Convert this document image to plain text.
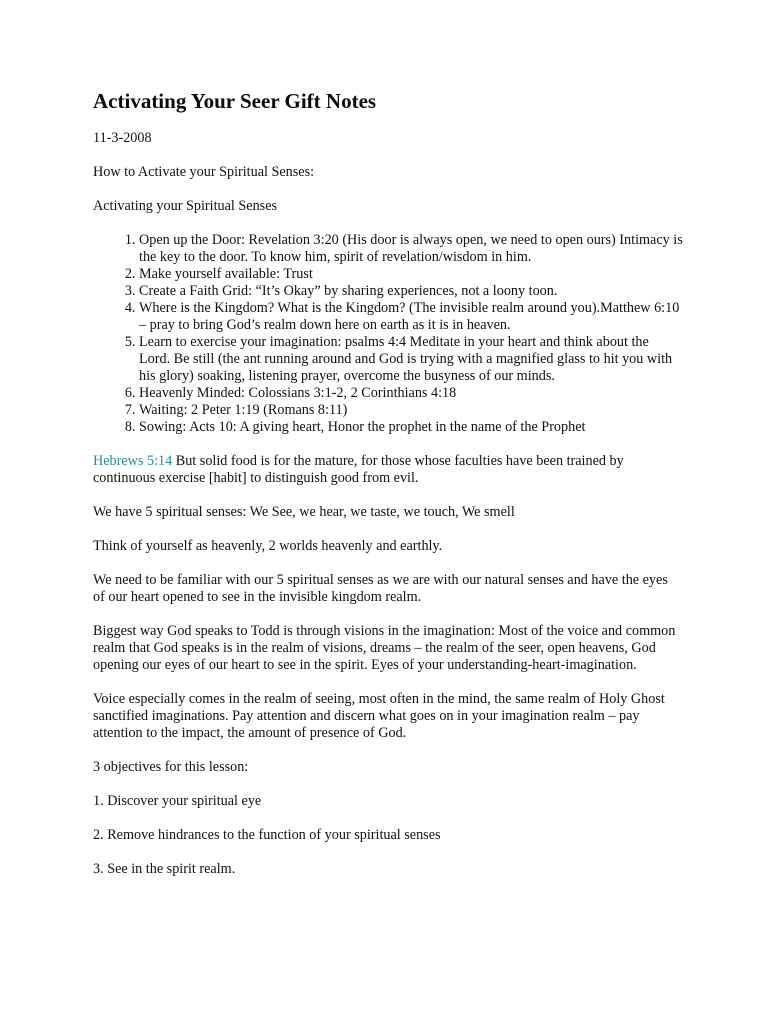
Activating Your Seer Gift Notes

11-3-2008

How to Activate your Spiritual Senses:

Activating your Spiritual Senses

1. Open up the Door: Revelation 3:20 (His door is always open, we need to open ours) Intimacy is the key to the door. To know him, spirit of revelation/wisdom in him.
2. Make yourself available: Trust
3. Create a Faith Grid: “It’s Okay” by sharing experiences, not a loony toon.
4. Where is the Kingdom? What is the Kingdom? (The invisible realm around you).Matthew 6:10 – pray to bring God’s realm down here on earth as it is in heaven.
5. Learn to exercise your imagination: psalms 4:4 Meditate in your heart and think about the Lord. Be still (the ant running around and God is trying with a magnified glass to hit you with his glory) soaking, listening prayer, overcome the busyness of our minds.
6. Heavenly Minded: Colossians 3:1-2, 2 Corinthians 4:18
7. Waiting: 2 Peter 1:19 (Romans 8:11)
8. Sowing: Acts 10: A giving heart, Honor the prophet in the name of the Prophet

Hebrews 5:14 But solid food is for the mature, for those whose faculties have been trained by continuous exercise [habit] to distinguish good from evil.

We have 5 spiritual senses: We See, we hear, we taste, we touch, We smell

Think of yourself as heavenly, 2 worlds heavenly and earthly.

We need to be familiar with our 5 spiritual senses as we are with our natural senses and have the eyes of our heart opened to see in the invisible kingdom realm.

Biggest way God speaks to Todd is through visions in the imagination: Most of the voice and common realm that God speaks is in the realm of visions, dreams – the realm of the seer, open heavens, God opening our eyes of our heart to see in the spirit. Eyes of your understanding-heart-imagination.

Voice especially comes in the realm of seeing, most often in the mind, the same realm of Holy Ghost sanctified imaginations. Pay attention and discern what goes on in your imagination realm – pay attention to the impact, the amount of presence of God.

3 objectives for this lesson:

1. Discover your spiritual eye

2. Remove hindrances to the function of your spiritual senses

3. See in the spirit realm.
